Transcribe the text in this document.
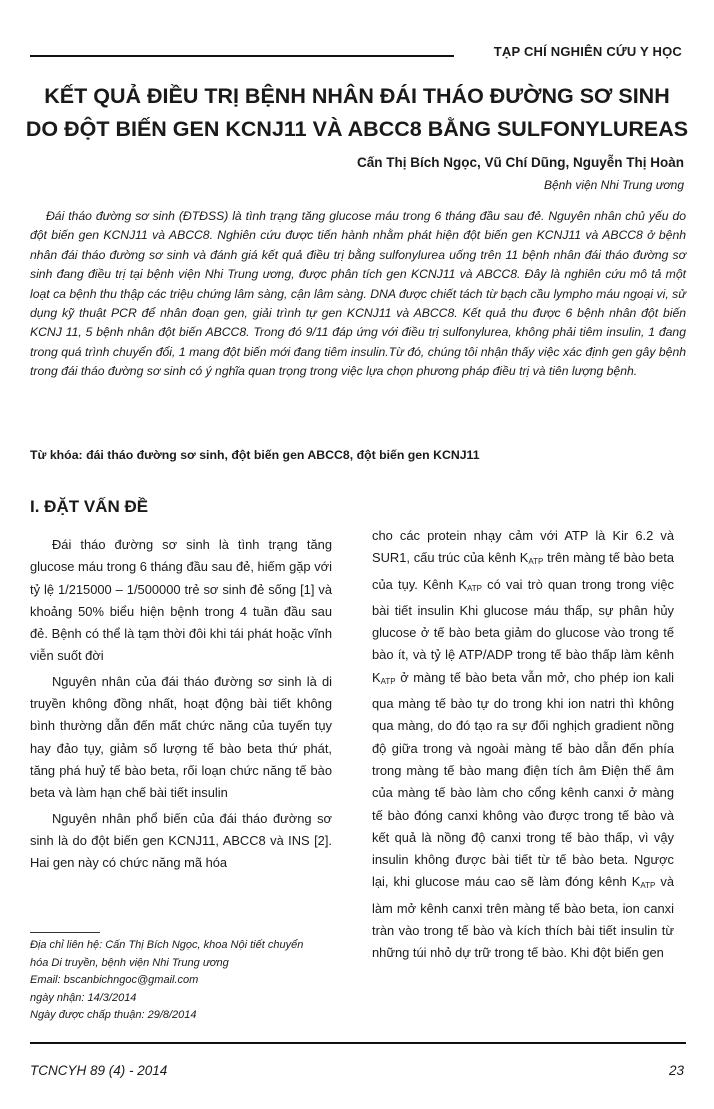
TẠP CHÍ NGHIÊN CỨU Y HỌC
KẾT QUẢ ĐIỀU TRỊ BỆNH NHÂN ĐÁI THÁO ĐƯỜNG SƠ SINH
DO ĐỘT BIẾN GEN KCNJ11 VÀ ABCC8 BẰNG SULFONYLUREAS
Cấn Thị Bích Ngọc, Vũ Chí Dũng, Nguyễn Thị Hoàn
Bệnh viện Nhi Trung ương

Đái tháo đường sơ sinh (ĐTĐSS) là tình trạng tăng glucose máu trong 6 tháng đầu sau đẻ. Nguyên nhân chủ yếu do đột biến gen KCNJ11 và ABCC8. Nghiên cứu được tiến hành nhằm phát hiện đột biến gen KCNJ11 và ABCC8 ở bệnh nhân đái tháo đường sơ sinh và đánh giá kết quả điều trị bằng sulfonylurea uống trên 11 bệnh nhân đái tháo đường sơ sinh đang điều trị tại bệnh viện Nhi Trung ương, được phân tích gen KCNJ11 và ABCC8. Đây là nghiên cứu mô tả một loạt ca bệnh thu thập các triệu chứng lâm sàng, cận lâm sàng. DNA được chiết tách từ bạch cầu lympho máu ngoại vi, sử dụng kỹ thuật PCR để nhân đoạn gen, giải trình tự gen KCNJ11 và ABCC8. Kết quả thu được 6 bệnh nhân đột biến KCNJ 11, 5 bệnh nhân đột biến ABCC8. Trong đó 9/11 đáp ứng với điều trị sulfonylurea, không phải tiêm insulin, 1 đang trong quá trình chuyển đổi, 1 mang đột biến mới đang tiêm insulin.Từ đó, chúng tôi nhận thấy việc xác định gen gây bệnh trong đái tháo đường sơ sinh có ý nghĩa quan trọng trong việc lựa chọn phương pháp điều trị và tiên lượng bệnh.

Từ khóa: đái tháo đường sơ sinh, đột biến gen ABCC8, đột biến gen KCNJ11
I. ĐẶT VẤN ĐỀ

Đái tháo đường sơ sinh là tình trạng tăng glucose máu trong 6 tháng đầu sau đẻ, hiếm gặp với tỷ lệ 1/215000 – 1/500000 trẻ sơ sinh đẻ sống [1] và khoảng 50% biểu hiện bệnh trong 4 tuần đầu sau đẻ. Bệnh có thể là tạm thời đôi khi tái phát hoặc vĩnh viễn suốt đời

Nguyên nhân của đái tháo đường sơ sinh là di truyền không đồng nhất, hoạt động bài tiết không bình thường dẫn đến mất chức năng của tuyến tụy hay đảo tụy, giảm số lượng tế bào beta thứ phát, tăng phá huỷ tế bào beta, rối loạn chức năng tế bào beta và làm hạn chế bài tiết insulin

Nguyên nhân phổ biến của đái tháo đường sơ sinh là do đột biến gen KCNJ11, ABCC8 và INS [2]. Hai gen này có chức năng mã hóa

cho các protein nhạy cảm với ATP là Kir 6.2 và SUR1, cấu trúc của kênh $K_{ATP}$ trên màng tế bào beta của tụy. Kênh $K_{ATP}$ có vai trò quan trong trong việc bài tiết insulin Khi glucose máu thấp, sự phân hủy glucose ở tế bào beta giảm do glucose vào trong tế bào ít, và tỷ lệ ATP/ADP trong tế bào thấp làm kênh $K_{ATP}$ ở màng tế bào beta vẫn mở, cho phép ion kali qua màng tế bào tự do trong khi ion natri thì không qua màng, do đó tạo ra sự đối nghịch gradient nồng độ giữa trong và ngoài màng tế bào dẫn đến phía trong màng tế bào mang điện tích âm Điện thế âm của màng tế bào làm cho cổng kênh canxi ở màng tế bào đóng canxi không vào được trong tế bào và kết quả là nồng độ canxi trong tế bào thấp, vì vậy insulin không được bài tiết từ tế bào beta. Ngược lại, khi glucose máu cao sẽ làm đóng kênh $K_{ATP}$ và làm mở kênh canxi trên màng tế bào beta, ion canxi tràn vào trong tế bào và kích thích bài tiết insulin từ những túi nhỏ dự trữ trong tế bào. Khi đột biến gen

Địa chỉ liên hệ: Cấn Thị Bích Ngọc, khoa Nội tiết chuyển
hóa Di truyền, bệnh viện Nhi Trung ương
Email: bscanbichngoc@gmail.com
ngày nhận: 14/3/2014
Ngày được chấp thuận: 29/8/2014
TCNCYH 89 (4) - 2014	23
